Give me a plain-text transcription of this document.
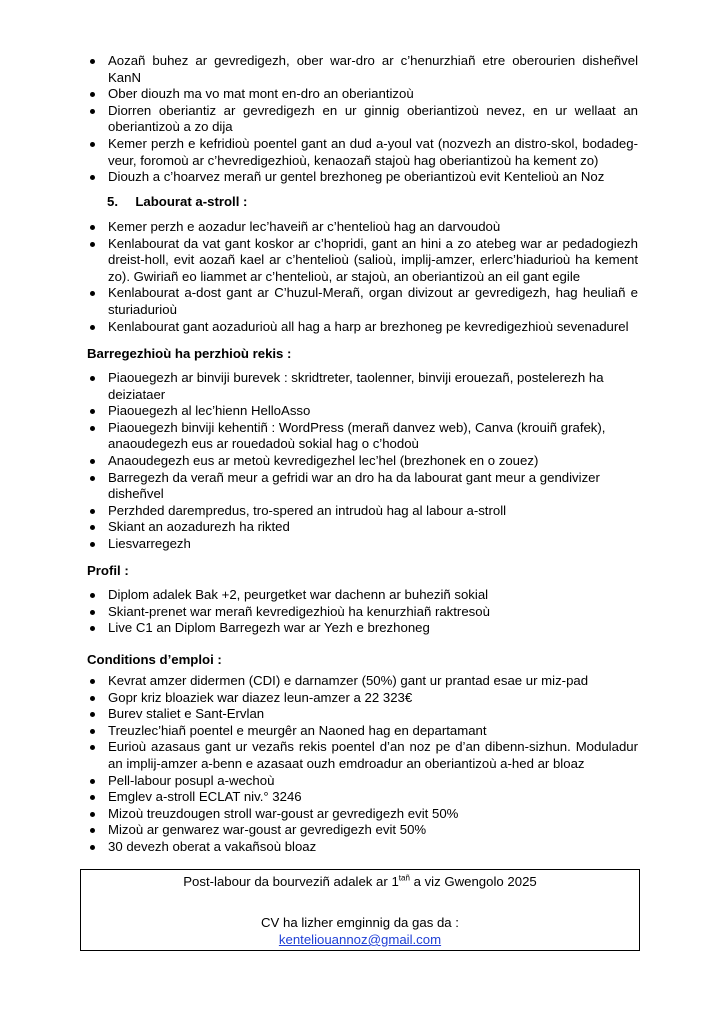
Aozañ buhez ar gevredigezh, ober war-dro ar c’henurzhiañ etre oberourien disheñvel KanN
Ober diouzh ma vo mat mont en-dro an oberiantizoù
Diorren oberiantiz ar gevredigezh en ur ginnig oberiantizoù nevez, en ur wellaat an oberiantizoù a zo dija
Kemer perzh e kefridioù poentel gant an dud a-youl vat (nozvezh an distro-skol, bodadeg-veur, foromoù ar c’hevredigezhioù, kenaozañ stajoù hag oberiantizoù ha kement zo)
Diouzh a c’hoarvez merañ ur gentel brezhoneg pe oberiantizoù evit Kentelioù an Noz
5. Labourat a-stroll :
Kemer perzh e aozadur lec’haveiñ ar c’henteliоù hag an darvoudoù
Kenlabourat da vat gant koskor ar c’hopridi, gant an hini a zo atebeg war ar pedadogiezh dreist-holl, evit aozañ kael ar c’henteliоù (salioù, implij-amzer, erlerc’hiadurioù ha kement zo). Gwiriañ eo liammet ar c’henteliоù, ar stajoù, an oberiantizoù an eil gant egile
Kenlabourat a-dost gant ar C’huzul-Merañ, organ divizout ar gevredigezh, hag heuliañ e sturiadurioù
Kenlabourat gant aozadurioù all hag a harp ar brezhoneg pe kevredigezhioù sevenadurel
Barregezhioù ha perzhioù rekis :
Piaouegezh ar binviji burevek : skridtreter, taolenner, binviji erouezañ, postelerezh ha deiziataer
Piaouegezh al lec’hienn HelloAsso
Piaouegezh binviji kehentiñ : WordPress (merañ danvez web), Canva (krouiñ grafek), anaoudegezh eus ar rouedadoù sokial hag o c’hodoù
Anaoudegezh eus ar metoù kevredigezhel lec’hel (brezhonek en o zouez)
Barregezh da verañ meur a gefridi war an dro ha da labourat gant meur a gendivizer disheñvel
Perzhded darempredus, tro-spered an intrudoù hag al labour a-stroll
Skiant an aozadurezh ha rikted
Liesvarregezh
Profil :
Diplom adalek Bak +2, peurgetket war dachenn ar buheziñ sokial
Skiant-prenet war merañ kevredigezhioù ha kenurzhiañ raktresoù
Live C1 an Diplom Barregezh war ar Yezh e brezhoneg
Conditions d’emploi :
Kevrat amzer didermen (CDI) e darnamzer (50%) gant ur prantad esae ur miz-pad
Gopr kriz bloaziek war diazez leun-amzer a 22 323€
Burev staliet e Sant-Ervlan
Treuzlec’hiañ poentel e meurgêr an Naoned hag en departamant
Eurioù azasaus gant ur vezañs rekis poentel d’an noz pe d’an dibenn-sizhun. Moduladur an implij-amzer a-benn e azasaat ouzh emdroadur an oberiantizoù a-hed ar bloaz
Pell-labour posupl a-wechoù
Emglev a-stroll ECLAT niv.° 3246
Mizoù treuzdougen stroll war-goust ar gevredigezh evit 50%
Mizoù ar genwarez war-goust ar gevredigezh evit 50%
30 devezh oberat a vakañsoù bloaz
Post-labour da bourveziñ adalek ar $1^{tañ}$ a viz Gwengolo 2025
CV ha lizher emginnig da gas da :
kenteliouannoz@gmail.com
